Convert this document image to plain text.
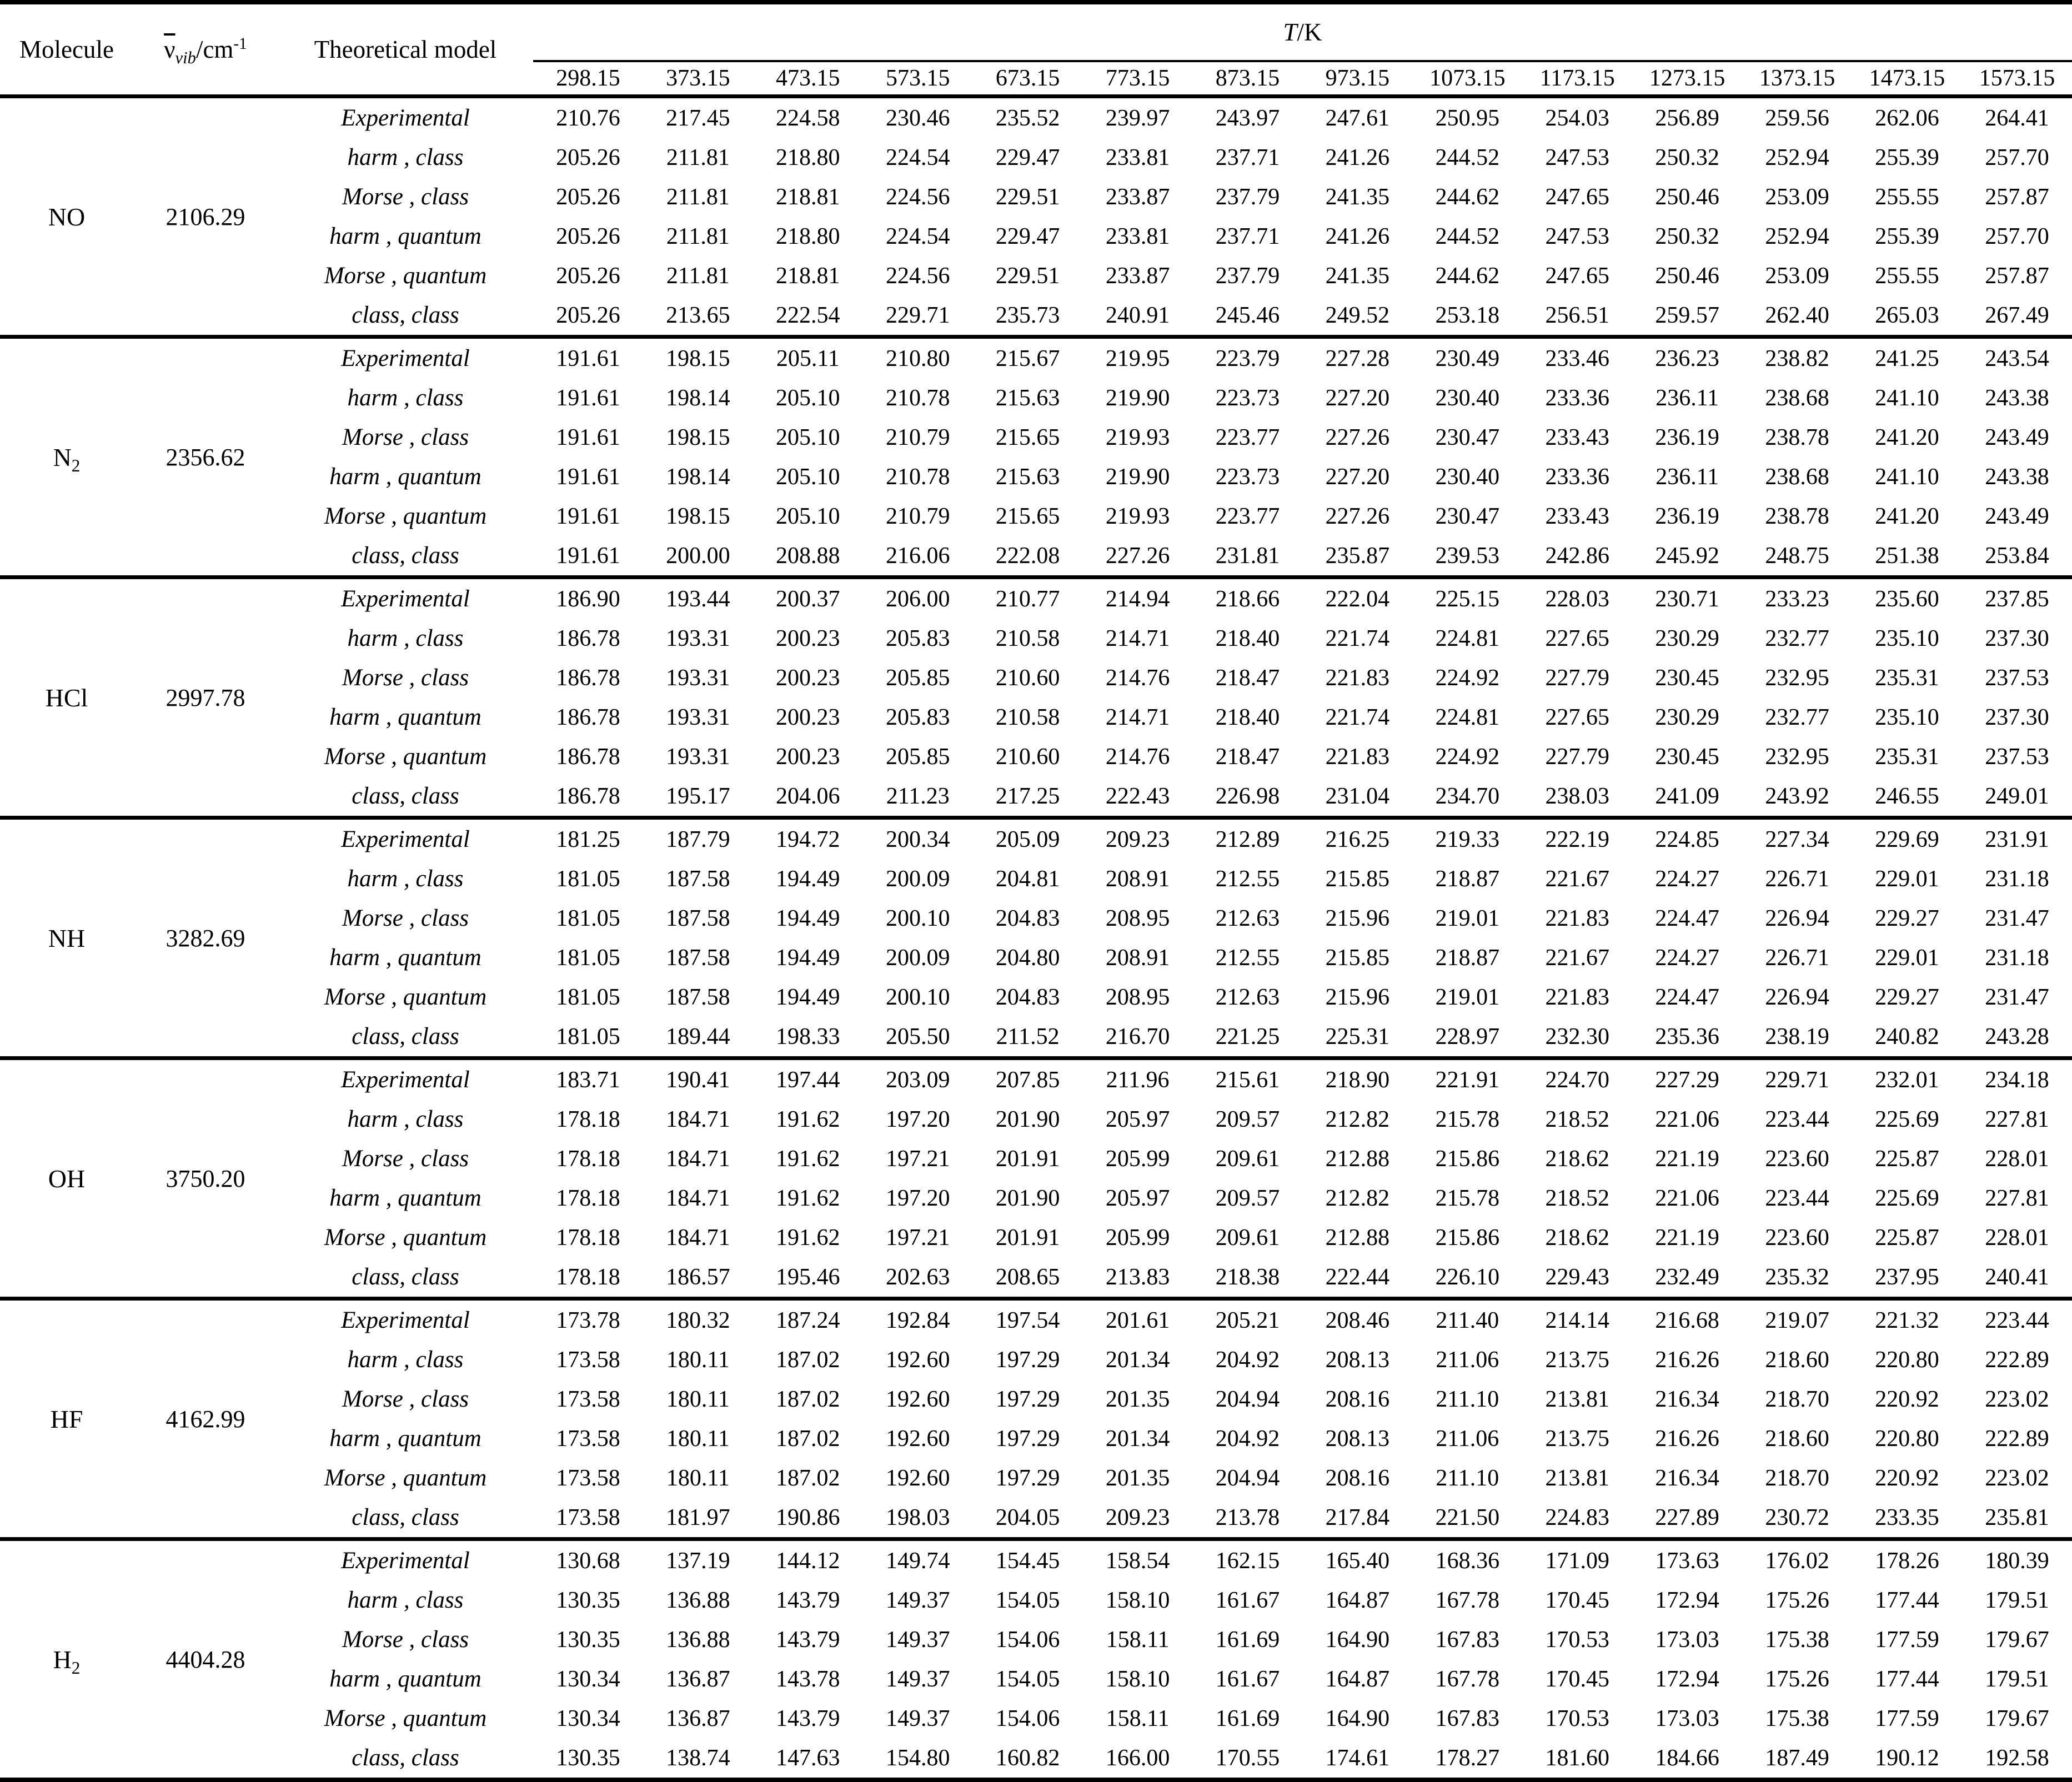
Molecule	$\overline{\nu}_{vib}/cm^{-1}$	Theoretical model	T/K													
			298.15	373.15	473.15	573.15	673.15	773.15	873.15	973.15	1073.15	1173.15	1273.15	1373.15	1473.15	1573.15
NO	2106.29	Experimental	210.76	217.45	224.58	230.46	235.52	239.97	243.97	247.61	250.95	254.03	256.89	259.56	262.06	264.41
		harm , class	205.26	211.81	218.80	224.54	229.47	233.81	237.71	241.26	244.52	247.53	250.32	252.94	255.39	257.70
		Morse , class	205.26	211.81	218.81	224.56	229.51	233.87	237.79	241.35	244.62	247.65	250.46	253.09	255.55	257.87
		harm , quantum	205.26	211.81	218.80	224.54	229.47	233.81	237.71	241.26	244.52	247.53	250.32	252.94	255.39	257.70
		Morse , quantum	205.26	211.81	218.81	224.56	229.51	233.87	237.79	241.35	244.62	247.65	250.46	253.09	255.55	257.87
		class, class	205.26	213.65	222.54	229.71	235.73	240.91	245.46	249.52	253.18	256.51	259.57	262.40	265.03	267.49
$N_2$	2356.62	Experimental	191.61	198.15	205.11	210.80	215.67	219.95	223.79	227.28	230.49	233.46	236.23	238.82	241.25	243.54
		harm , class	191.61	198.14	205.10	210.78	215.63	219.90	223.73	227.20	230.40	233.36	236.11	238.68	241.10	243.38
		Morse , class	191.61	198.15	205.10	210.79	215.65	219.93	223.77	227.26	230.47	233.43	236.19	238.78	241.20	243.49
		harm , quantum	191.61	198.14	205.10	210.78	215.63	219.90	223.73	227.20	230.40	233.36	236.11	238.68	241.10	243.38
		Morse , quantum	191.61	198.15	205.10	210.79	215.65	219.93	223.77	227.26	230.47	233.43	236.19	238.78	241.20	243.49
		class, class	191.61	200.00	208.88	216.06	222.08	227.26	231.81	235.87	239.53	242.86	245.92	248.75	251.38	253.84
HCl	2997.78	Experimental	186.90	193.44	200.37	206.00	210.77	214.94	218.66	222.04	225.15	228.03	230.71	233.23	235.60	237.85
		harm , class	186.78	193.31	200.23	205.83	210.58	214.71	218.40	221.74	224.81	227.65	230.29	232.77	235.10	237.30
		Morse , class	186.78	193.31	200.23	205.85	210.60	214.76	218.47	221.83	224.92	227.79	230.45	232.95	235.31	237.53
		harm , quantum	186.78	193.31	200.23	205.83	210.58	214.71	218.40	221.74	224.81	227.65	230.29	232.77	235.10	237.30
		Morse , quantum	186.78	193.31	200.23	205.85	210.60	214.76	218.47	221.83	224.92	227.79	230.45	232.95	235.31	237.53
		class, class	186.78	195.17	204.06	211.23	217.25	222.43	226.98	231.04	234.70	238.03	241.09	243.92	246.55	249.01
NH	3282.69	Experimental	181.25	187.79	194.72	200.34	205.09	209.23	212.89	216.25	219.33	222.19	224.85	227.34	229.69	231.91
		harm , class	181.05	187.58	194.49	200.09	204.81	208.91	212.55	215.85	218.87	221.67	224.27	226.71	229.01	231.18
		Morse , class	181.05	187.58	194.49	200.10	204.83	208.95	212.63	215.96	219.01	221.83	224.47	226.94	229.27	231.47
		harm , quantum	181.05	187.58	194.49	200.09	204.80	208.91	212.55	215.85	218.87	221.67	224.27	226.71	229.01	231.18
		Morse , quantum	181.05	187.58	194.49	200.10	204.83	208.95	212.63	215.96	219.01	221.83	224.47	226.94	229.27	231.47
		class, class	181.05	189.44	198.33	205.50	211.52	216.70	221.25	225.31	228.97	232.30	235.36	238.19	240.82	243.28
OH	3750.20	Experimental	183.71	190.41	197.44	203.09	207.85	211.96	215.61	218.90	221.91	224.70	227.29	229.71	232.01	234.18
		harm , class	178.18	184.71	191.62	197.20	201.90	205.97	209.57	212.82	215.78	218.52	221.06	223.44	225.69	227.81
		Morse , class	178.18	184.71	191.62	197.21	201.91	205.99	209.61	212.88	215.86	218.62	221.19	223.60	225.87	228.01
		harm , quantum	178.18	184.71	191.62	197.20	201.90	205.97	209.57	212.82	215.78	218.52	221.06	223.44	225.69	227.81
		Morse , quantum	178.18	184.71	191.62	197.21	201.91	205.99	209.61	212.88	215.86	218.62	221.19	223.60	225.87	228.01
		class, class	178.18	186.57	195.46	202.63	208.65	213.83	218.38	222.44	226.10	229.43	232.49	235.32	237.95	240.41
HF	4162.99	Experimental	173.78	180.32	187.24	192.84	197.54	201.61	205.21	208.46	211.40	214.14	216.68	219.07	221.32	223.44
		harm , class	173.58	180.11	187.02	192.60	197.29	201.34	204.92	208.13	211.06	213.75	216.26	218.60	220.80	222.89
		Morse , class	173.58	180.11	187.02	192.60	197.29	201.35	204.94	208.16	211.10	213.81	216.34	218.70	220.92	223.02
		harm , quantum	173.58	180.11	187.02	192.60	197.29	201.34	204.92	208.13	211.06	213.75	216.26	218.60	220.80	222.89
		Morse , quantum	173.58	180.11	187.02	192.60	197.29	201.35	204.94	208.16	211.10	213.81	216.34	218.70	220.92	223.02
		class, class	173.58	181.97	190.86	198.03	204.05	209.23	213.78	217.84	221.50	224.83	227.89	230.72	233.35	235.81
$H_2$	4404.28	Experimental	130.68	137.19	144.12	149.74	154.45	158.54	162.15	165.40	168.36	171.09	173.63	176.02	178.26	180.39
		harm , class	130.35	136.88	143.79	149.37	154.05	158.10	161.67	164.87	167.78	170.45	172.94	175.26	177.44	179.51
		Morse , class	130.35	136.88	143.79	149.37	154.06	158.11	161.69	164.90	167.83	170.53	173.03	175.38	177.59	179.67
		harm , quantum	130.34	136.87	143.78	149.37	154.05	158.10	161.67	164.87	167.78	170.45	172.94	175.26	177.44	179.51
		Morse , quantum	130.34	136.87	143.79	149.37	154.06	158.11	161.69	164.90	167.83	170.53	173.03	175.38	177.59	179.67
		class, class	130.35	138.74	147.63	154.80	160.82	166.00	170.55	174.61	178.27	181.60	184.66	187.49	190.12	192.58
